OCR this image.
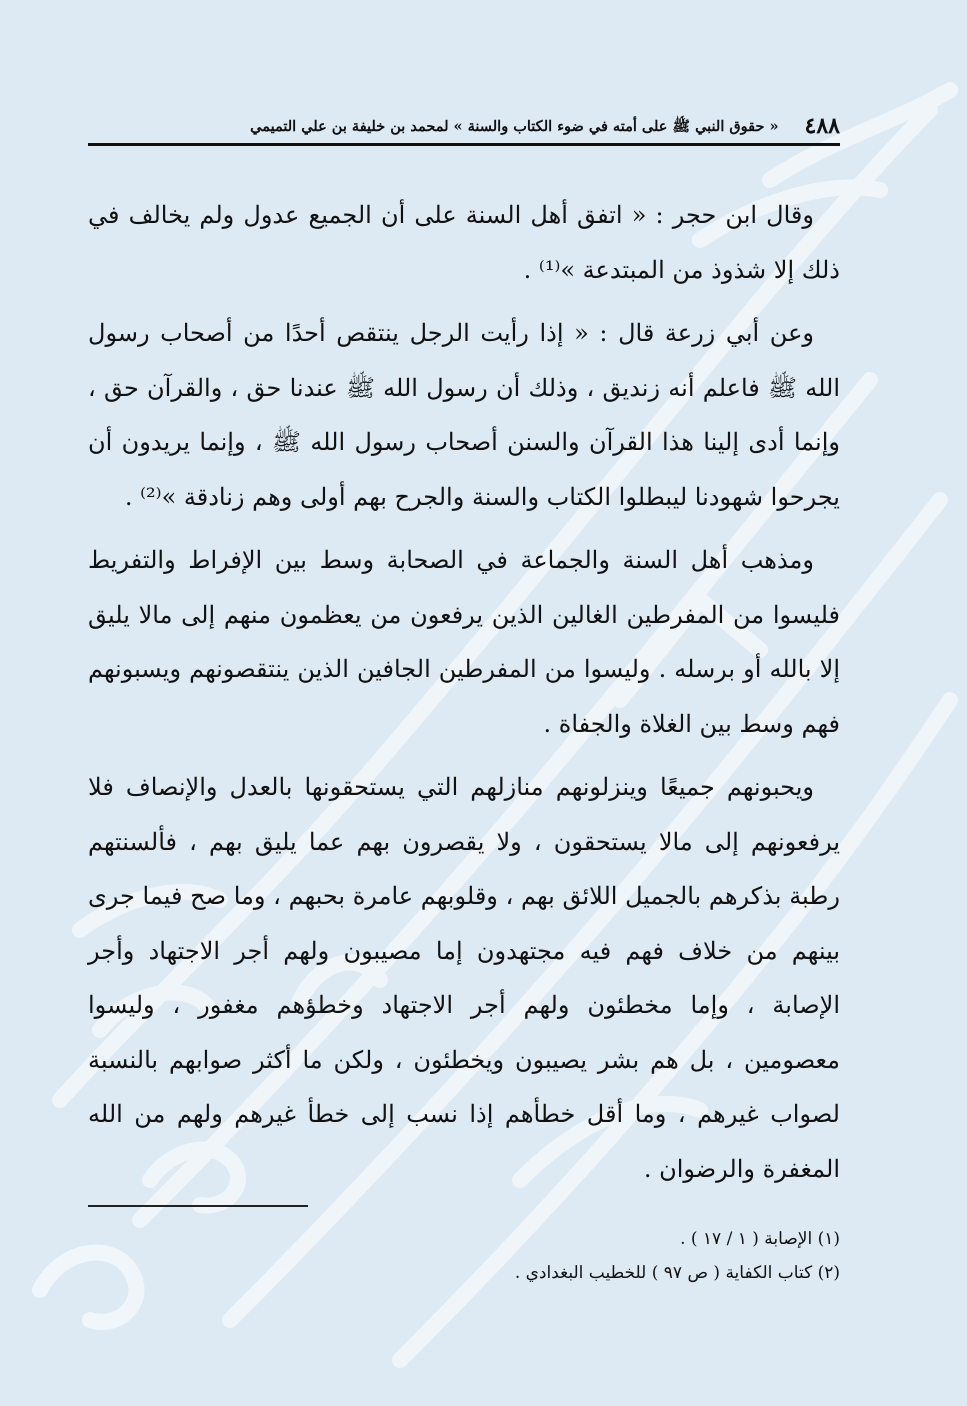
٤٨٨
« حقوق النبي ﷺ على أمته في ضوء الكتاب والسنة » لمحمد بن خليفة بن علي التميمي

وقال ابن حجر : « اتفق أهل السنة على أن الجميع عدول ولم يخالف في ذلك إلا شذوذ من المبتدعة »⁽¹⁾ .

وعن أبي زرعة قال : « إذا رأيت الرجل ينتقص أحدًا من أصحاب رسول الله ﷺ فاعلم أنه زنديق ، وذلك أن رسول الله ﷺ عندنا حق ، والقرآن حق ، وإنما أدى إلينا هذا القرآن والسنن أصحاب رسول الله ﷺ ، وإنما يريدون أن يجرحوا شهودنا ليبطلوا الكتاب والسنة والجرح بهم أولى وهم زنادقة »⁽²⁾ .

ومذهب أهل السنة والجماعة في الصحابة وسط بين الإفراط والتفريط فليسوا من المفرطين الغالين الذين يرفعون من يعظمون منهم إلى مالا يليق إلا بالله أو برسله . وليسوا من المفرطين الجافين الذين ينتقصونهم ويسبونهم فهم وسط بين الغلاة والجفاة .

ويحبونهم جميعًا وينزلونهم منازلهم التي يستحقونها بالعدل والإنصاف فلا يرفعونهم إلى مالا يستحقون ، ولا يقصرون بهم عما يليق بهم ، فألسنتهم رطبة بذكرهم بالجميل اللائق بهم ، وقلوبهم عامرة بحبهم ، وما صح فيما جرى بينهم من خلاف فهم فيه مجتهدون إما مصيبون ولهم أجر الاجتهاد وأجر الإصابة ، وإما مخطئون ولهم أجر الاجتهاد وخطؤهم مغفور ، وليسوا معصومين ، بل هم بشر يصيبون ويخطئون ، ولكن ما أكثر صوابهم بالنسبة لصواب غيرهم ، وما أقل خطأهم إذا نسب إلى خطأ غيرهم ولهم من الله المغفرة والرضوان .

(١) الإصابة ( ١ / ١٧ ) .

(٢) كتاب الكفاية ( ص ٩٧ ) للخطيب البغدادي .
